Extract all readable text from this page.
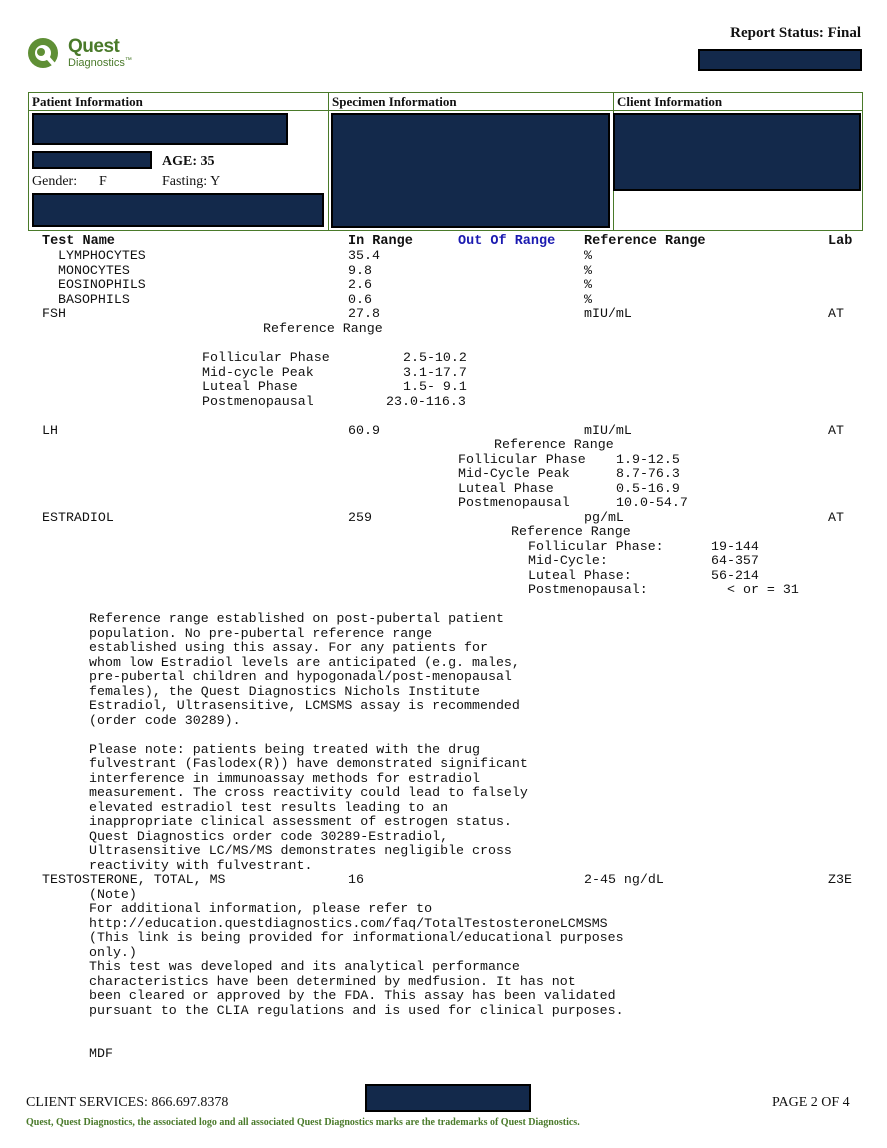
Quest
Diagnostics™
Report Status: Final
Patient Information	Specimen Information	Client Information
AGE: 35
Gender: F	Fasting: Y
Test Name	In Range	Out Of Range Reference Range	Lab
LYMPHOCYTES	35.4	%
MONOCYTES	9.8	%
EOSINOPHILS	2.6	%
BASOPHILS	0.6	%
FSH	27.8	mIU/mL	AT
Reference Range
Follicular Phase	2.5-10.2
Mid-cycle Peak	3.1-17.7
Luteal Phase	1.5- 9.1
Postmenopausal	23.0-116.3
LH	60.9	mIU/mL	AT
Reference Range
Follicular Phase 1.9-12.5
Mid-Cycle Peak	8.7-76.3
Luteal Phase	0.5-16.9
Postmenopausal	10.0-54.7
ESTRADIOL	259	pg/mL	AT
Reference Range
Follicular Phase:	19-144
Mid-Cycle:	64-357
Luteal Phase:	56-214
Postmenopausal:	< or = 31
Reference range established on post-pubertal patient
population. No pre-pubertal reference range
established using this assay. For any patients for
whom low Estradiol levels are anticipated (e.g. males,
pre-pubertal children and hypogonadal/post-menopausal
females), the Quest Diagnostics Nichols Institute
Estradiol, Ultrasensitive, LCMSMS assay is recommended
(order code 30289).
Please note: patients being treated with the drug
fulvestrant (Faslodex(R)) have demonstrated significant
interference in immunoassay methods for estradiol
measurement. The cross reactivity could lead to falsely
elevated estradiol test results leading to an
inappropriate clinical assessment of estrogen status.
Quest Diagnostics order code 30289-Estradiol,
Ultrasensitive LC/MS/MS demonstrates negligible cross
reactivity with fulvestrant.
TESTOSTERONE, TOTAL, MS	16	2-45 ng/dL	Z3E
(Note)
For additional information, please refer to
http://education.questdiagnostics.com/faq/TotalTestosteroneLCMSMS
(This link is being provided for informational/educational purposes
only.)
This test was developed and its analytical performance
characteristics have been determined by medfusion. It has not
been cleared or approved by the FDA. This assay has been validated
pursuant to the CLIA regulations and is used for clinical purposes.
MDF
CLIENT SERVICES: 866.697.8378	PAGE 2 OF 4
Quest, Quest Diagnostics, the associated logo and all associated Quest Diagnostics marks are the trademarks of Quest Diagnostics.
